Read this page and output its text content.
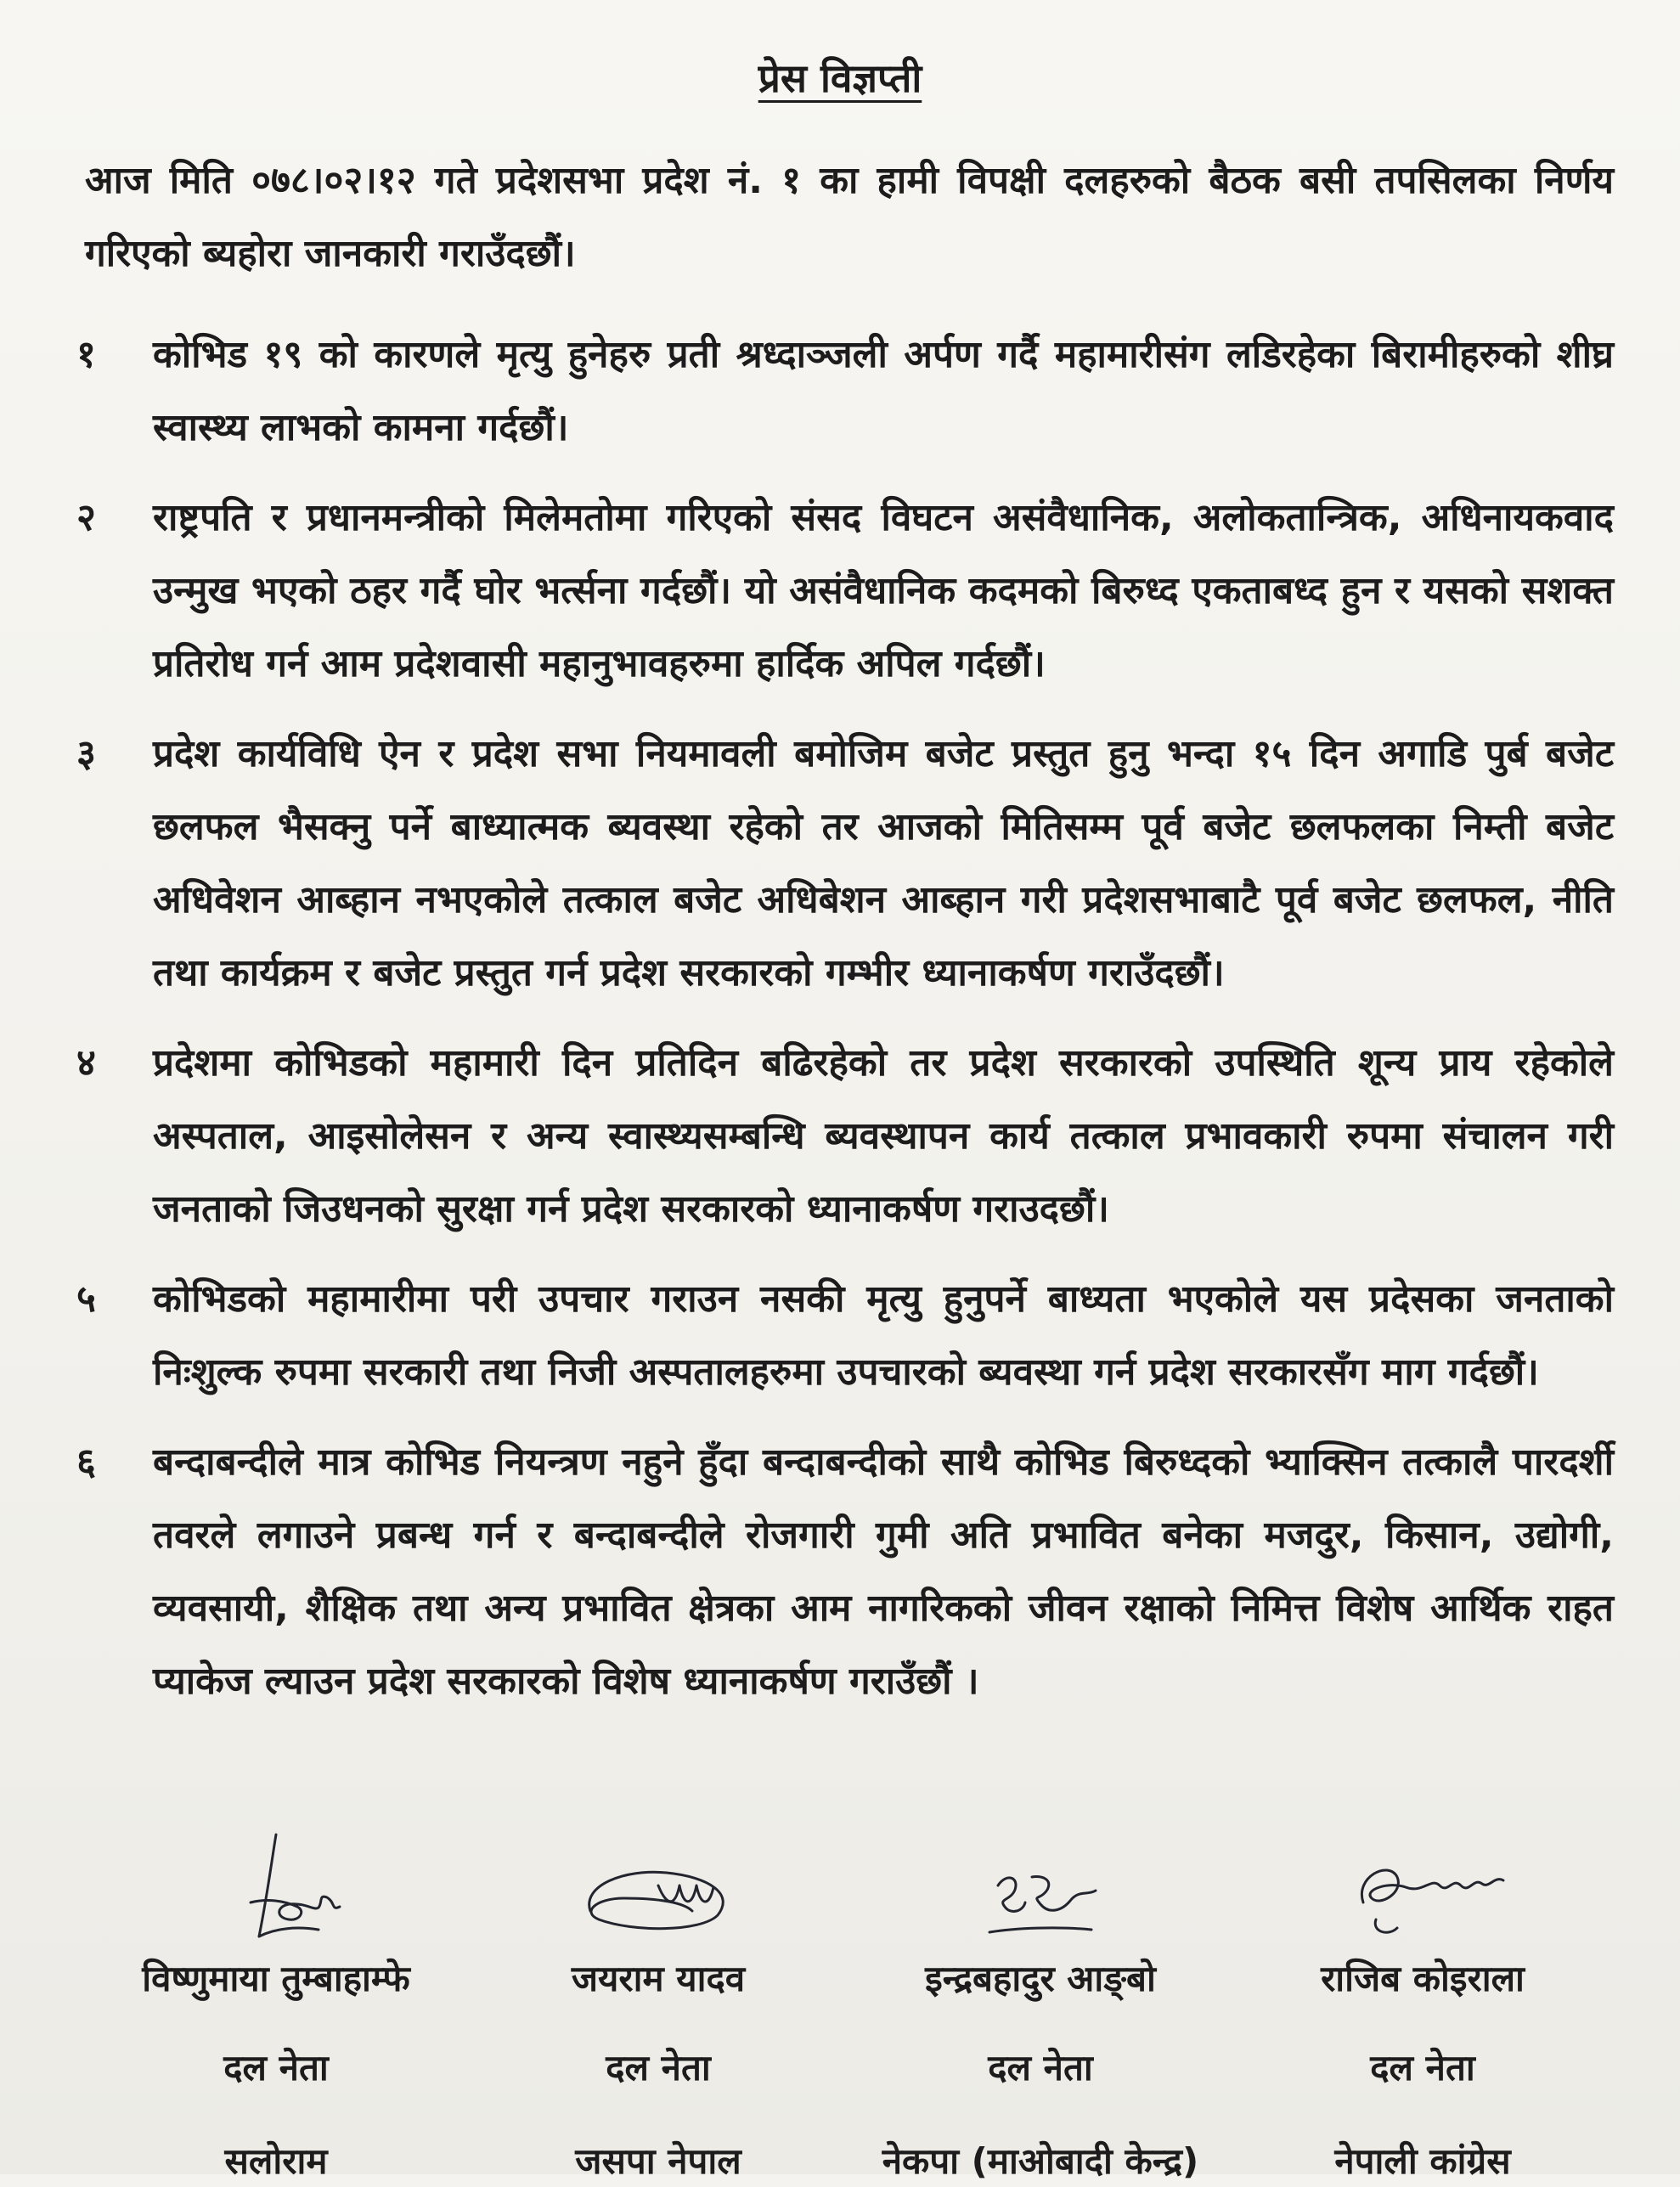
प्रेस विज्ञप्ती
आज मिति ०७८।०२।१२ गते प्रदेशसभा प्रदेश नं. १ का हामी विपक्षी दलहरुको बैठक बसी तपसिलका निर्णय गरिएको ब्यहोरा जानकारी गराउँदछौं।
१	कोभिड १९ को कारणले मृत्यु हुनेहरु प्रती श्रध्दाञ्जली अर्पण गर्दै महामारीसंग लडिरहेका बिरामीहरुको शीघ्र स्वास्थ्य लाभको कामना गर्दछौं।
२	राष्ट्रपति र प्रधानमन्त्रीको मिलेमतोमा गरिएको संसद विघटन असंवैधानिक, अलोकतान्त्रिक, अधिनायकवाद उन्मुख भएको ठहर गर्दै घोर भर्त्सना गर्दछौं। यो असंवैधानिक कदमको बिरुध्द एकताबध्द हुन र यसको सशक्त प्रतिरोध गर्न आम प्रदेशवासी महानुभावहरुमा हार्दिक अपिल गर्दछौं।
३	प्रदेश कार्यविधि ऐन र प्रदेश सभा नियमावली बमोजिम बजेट प्रस्तुत हुनु भन्दा १५ दिन अगाडि पुर्ब बजेट छलफल भैसक्नु पर्ने बाध्यात्मक ब्यवस्था रहेको तर आजको मितिसम्म पूर्व बजेट छलफलका निम्ती बजेट अधिवेशन आब्हान नभएकोले तत्काल बजेट अधिबेशन आब्हान गरी प्रदेशसभाबाटै पूर्व बजेट छलफल, नीति तथा कार्यक्रम र बजेट प्रस्तुत गर्न प्रदेश सरकारको गम्भीर ध्यानाकर्षण गराउँदछौं।
४	प्रदेशमा कोभिडको महामारी दिन प्रतिदिन बढिरहेको तर प्रदेश सरकारको उपस्थिति शून्य प्राय रहेकोले अस्पताल, आइसोलेसन र अन्य स्वास्थ्यसम्बन्धि ब्यवस्थापन कार्य तत्काल प्रभावकारी रुपमा संचालन गरी जनताको जिउधनको सुरक्षा गर्न प्रदेश सरकारको ध्यानाकर्षण गराउदछौं।
५	कोभिडको महामारीमा परी उपचार गराउन नसकी मृत्यु हुनुपर्ने बाध्यता भएकोले यस प्रदेसका जनताको निःशुल्क रुपमा सरकारी तथा निजी अस्पतालहरुमा उपचारको ब्यवस्था गर्न प्रदेश सरकारसँग माग गर्दछौं।
६	बन्दाबन्दीले मात्र कोभिड नियन्त्रण नहुने हुँदा बन्दाबन्दीको साथै कोभिड बिरुध्दको भ्याक्सिन तत्कालै पारदर्शी तवरले लगाउने प्रबन्ध गर्न र बन्दाबन्दीले रोजगारी गुमी अति प्रभावित बनेका मजदुर, किसान, उद्योगी, व्यवसायी, शैक्षिक तथा अन्य प्रभावित क्षेत्रका आम नागरिकको जीवन रक्षाको निमित्त विशेष आर्थिक राहत प्याकेज ल्याउन प्रदेश सरकारको विशेष ध्यानाकर्षण गराउँछौं ।
विष्णुमाया तुम्बाहाम्फे
दल नेता
सलोराम
जयराम यादव
दल नेता
जसपा नेपाल
इन्द्रबहादुर आङ्बो
दल नेता
नेकपा (माओबादी केन्द्र)
राजिब कोइराला
दल नेता
नेपाली कांग्रेस
